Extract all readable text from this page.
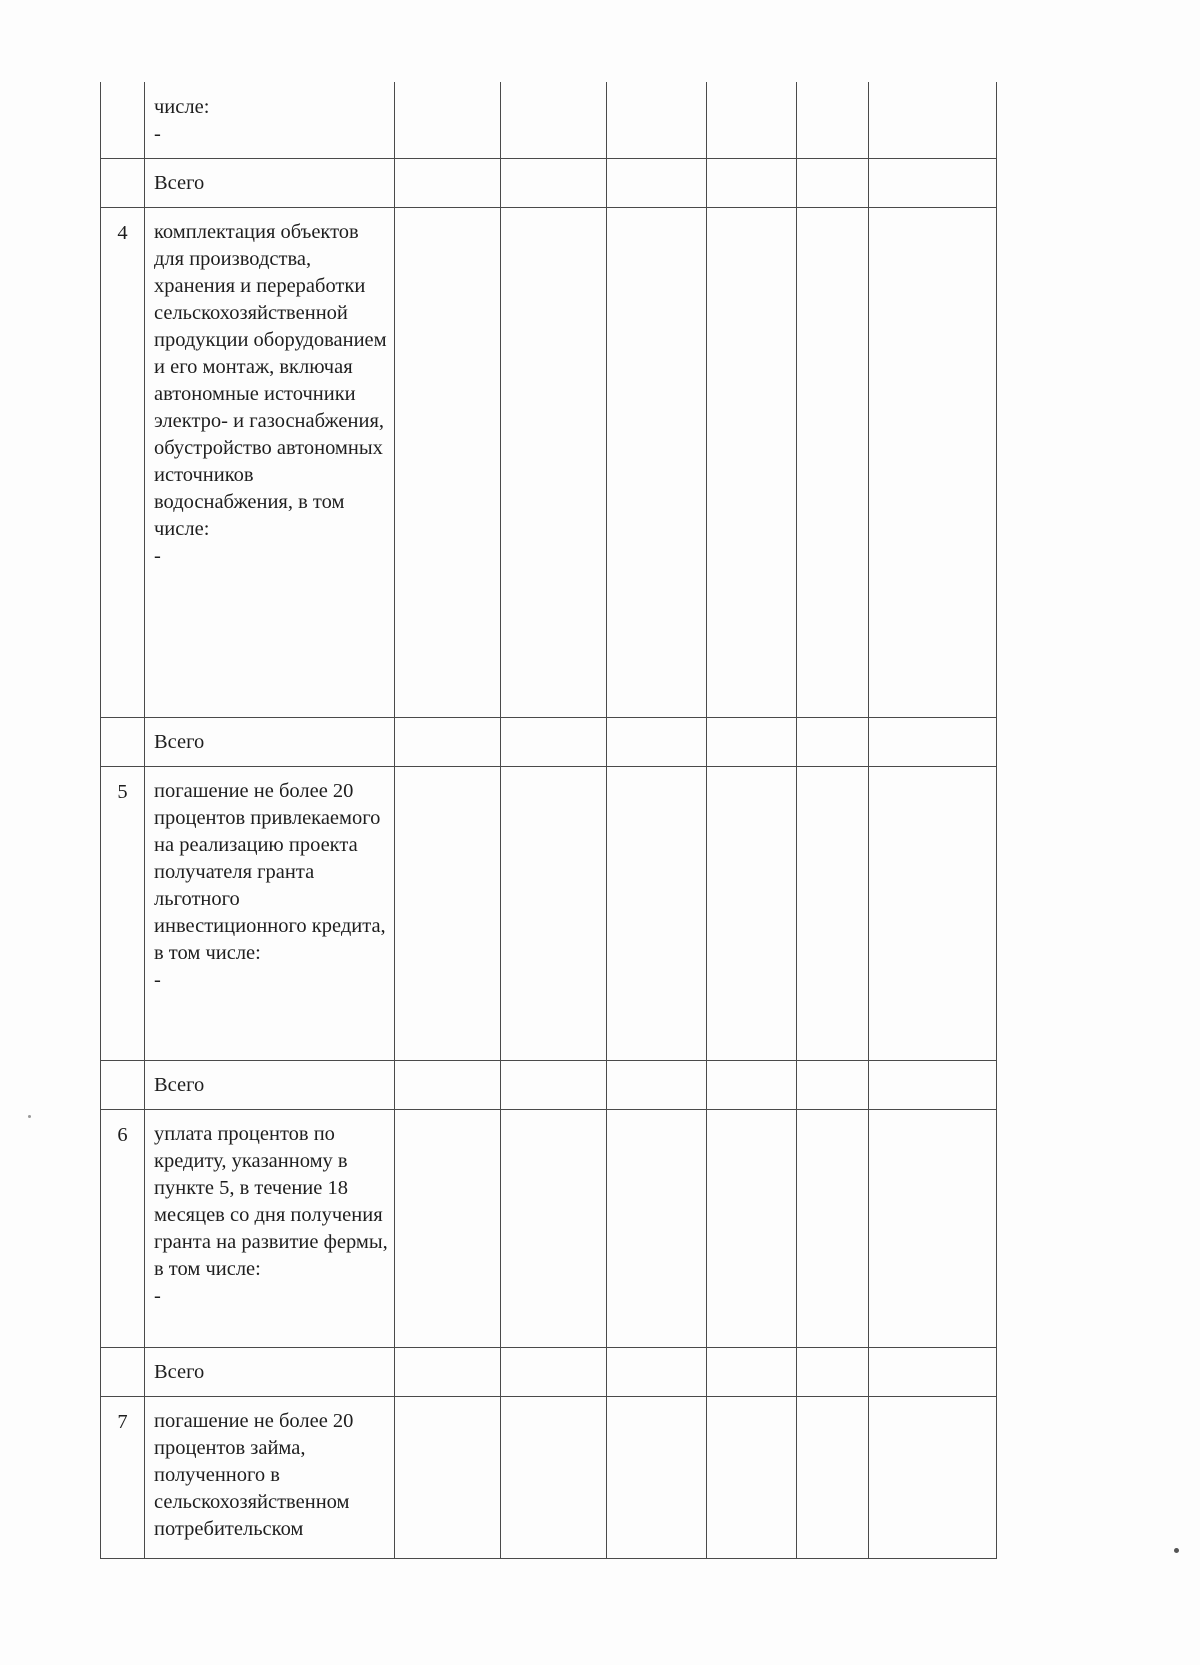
	числе:
-						

	Всего						
4	комплектация объектов для производства, хранения и переработки сельскохозяйственной продукции оборудованием и его монтаж, включая автономные источники электро- и газоснабжения, обустройство автономных источников водоснабжения, в том числе:
-						

	Всего						
5	погашение не более 20 процентов привлекаемого на реализацию проекта получателя гранта льготного инвестиционного кредита,
в том числе:
-						

	Всего						
6	уплата процентов по кредиту, указанному в пункте 5, в течение 18 месяцев со дня получения гранта на развитие фермы,
в том числе:
-						

	Всего						
7	погашение не более 20 процентов займа, полученного в сельскохозяйственном потребительском						
